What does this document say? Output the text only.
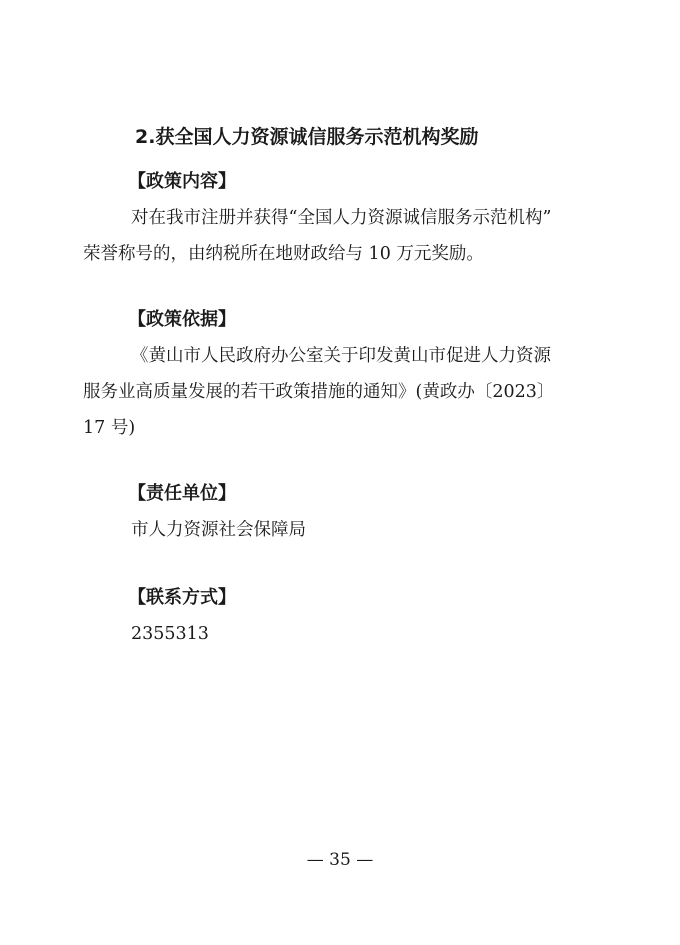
2.获全国人力资源诚信服务示范机构奖励
【政策内容】
对在我市注册并获得“全国人力资源诚信服务示范机构”
荣誉称号的，由纳税所在地财政给与 10 万元奖励。
【政策依据】
《黄山市人民政府办公室关于印发黄山市促进人力资源
服务业高质量发展的若干政策措施的通知》(黄政办〔2023〕
17 号)
【责任单位】
市人力资源社会保障局
【联系方式】
2355313
— 35 —
